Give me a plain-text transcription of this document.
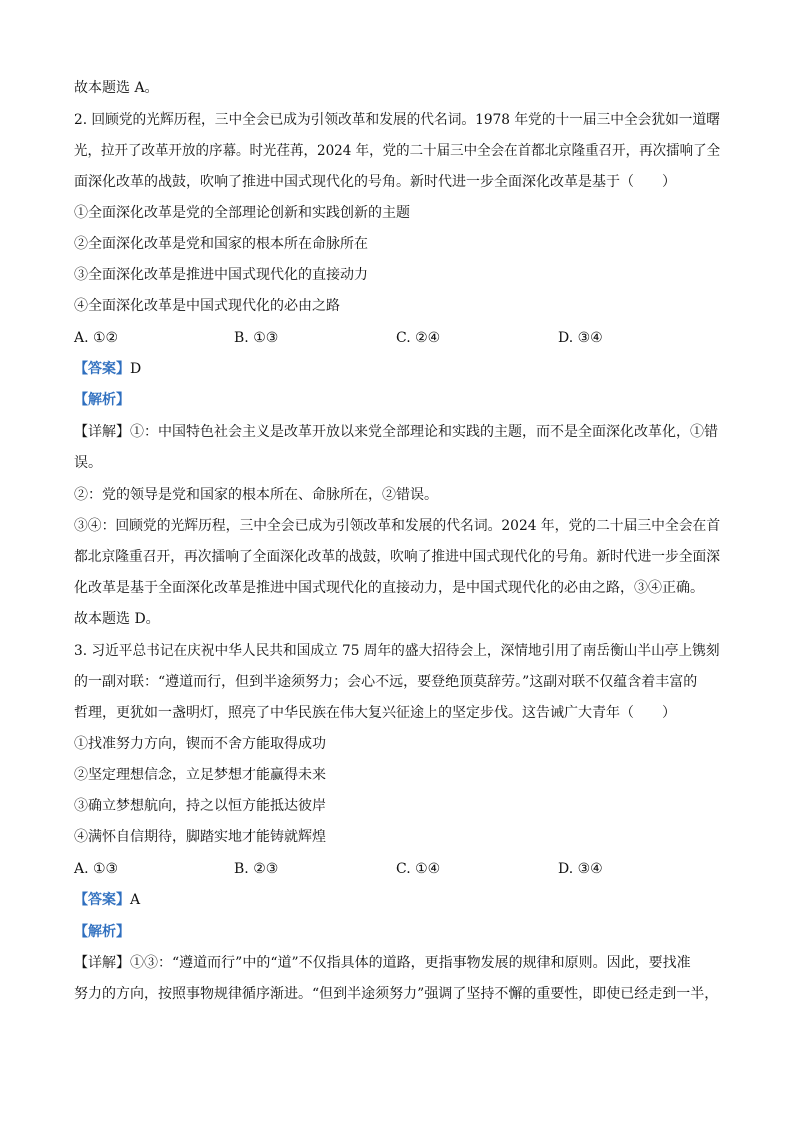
故本题选 A。
2. 回顾党的光辉历程，三中全会已成为引领改革和发展的代名词。1978 年党的十一届三中全会犹如一道曙
光，拉开了改革开放的序幕。时光荏苒，2024 年，党的二十届三中全会在首都北京隆重召开，再次擂响了全
面深化改革的战鼓，吹响了推进中国式现代化的号角。新时代进一步全面深化改革是基于（　　）
①全面深化改革是党的全部理论创新和实践创新的主题
②全面深化改革是党和国家的根本所在命脉所在
③全面深化改革是推进中国式现代化的直接动力
④全面深化改革是中国式现代化的必由之路
A. ①②	B. ①③	C. ②④	D. ③④
【答案】D
【解析】
【详解】①：中国特色社会主义是改革开放以来党全部理论和实践的主题，而不是全面深化改革化，①错
误。
②：党的领导是党和国家的根本所在、命脉所在，②错误。
③④：回顾党的光辉历程，三中全会已成为引领改革和发展的代名词。2024 年，党的二十届三中全会在首
都北京隆重召开，再次擂响了全面深化改革的战鼓，吹响了推进中国式现代化的号角。新时代进一步全面深
化改革是基于全面深化改革是推进中国式现代化的直接动力，是中国式现代化的必由之路，③④正确。
故本题选 D。
3. 习近平总书记在庆祝中华人民共和国成立 75 周年的盛大招待会上，深情地引用了南岳衡山半山亭上镌刻
的一副对联：“遵道而行，但到半途须努力；会心不远，要登绝顶莫辞劳。”这副对联不仅蕴含着丰富的
哲理，更犹如一盏明灯，照亮了中华民族在伟大复兴征途上的坚定步伐。这告诫广大青年（　　）
①找准努力方向，锲而不舍方能取得成功
②坚定理想信念，立足梦想才能赢得未来
③确立梦想航向，持之以恒方能抵达彼岸
④满怀自信期待，脚踏实地才能铸就辉煌
A. ①③	B. ②③	C. ①④	D. ③④
【答案】A
【解析】
【详解】①③：“遵道而行”中的“道”不仅指具体的道路，更指事物发展的规律和原则。因此，要找准
努力的方向，按照事物规律循序渐进。“但到半途须努力”强调了坚持不懈的重要性，即使已经走到一半，
